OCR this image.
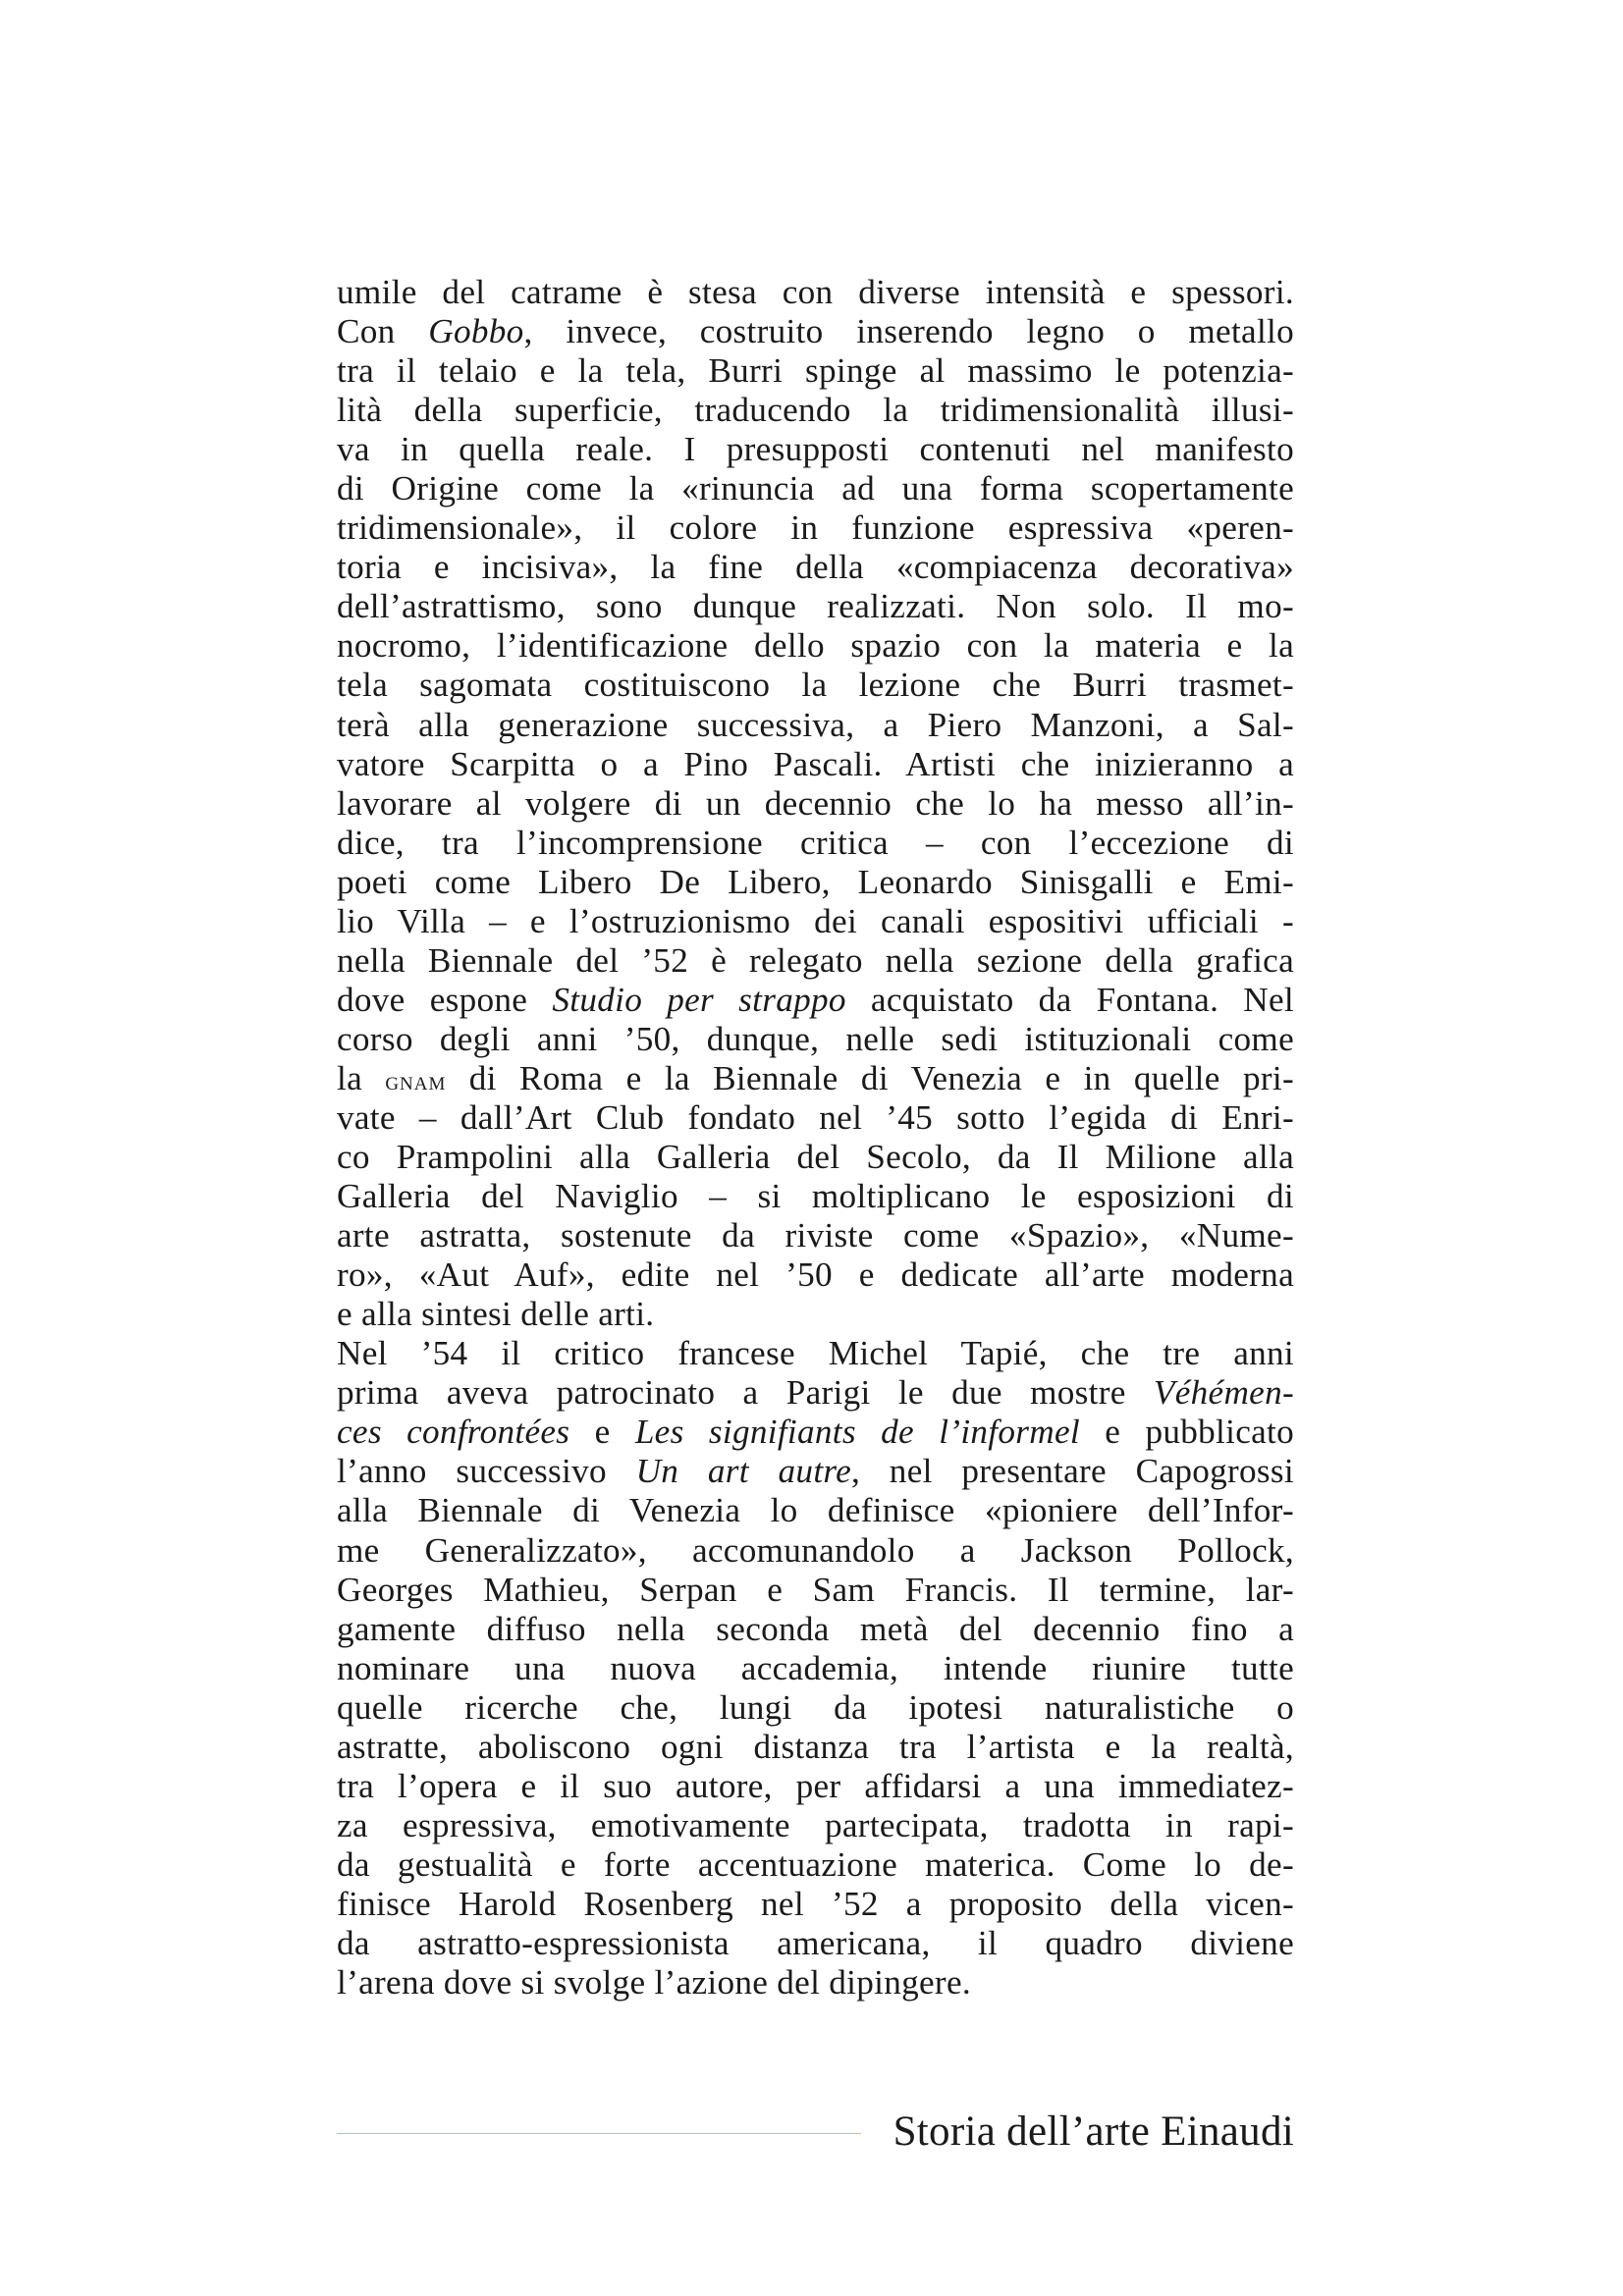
umile del catrame è stesa con diverse intensità e spessori.
Con Gobbo, invece, costruito inserendo legno o metallo
tra il telaio e la tela, Burri spinge al massimo le potenzia-
lità della superficie, traducendo la tridimensionalità illusi-
va in quella reale. I presupposti contenuti nel manifesto
di Origine come la «rinuncia ad una forma scopertamente
tridimensionale», il colore in funzione espressiva «peren-
toria e incisiva», la fine della «compiacenza decorativa»
dell’astrattismo, sono dunque realizzati. Non solo. Il mo-
nocromo, l’identificazione dello spazio con la materia e la
tela sagomata costituiscono la lezione che Burri trasmet-
terà alla generazione successiva, a Piero Manzoni, a Sal-
vatore Scarpitta o a Pino Pascali. Artisti che inizieranno a
lavorare al volgere di un decennio che lo ha messo all’in-
dice, tra l’incomprensione critica – con l’eccezione di
poeti come Libero De Libero, Leonardo Sinisgalli e Emi-
lio Villa – e l’ostruzionismo dei canali espositivi ufficiali -
nella Biennale del ’52 è relegato nella sezione della grafica
dove espone Studio per strappo acquistato da Fontana. Nel
corso degli anni ’50, dunque, nelle sedi istituzionali come
la gnam di Roma e la Biennale di Venezia e in quelle pri-
vate – dall’Art Club fondato nel ’45 sotto l’egida di Enri-
co Prampolini alla Galleria del Secolo, da Il Milione alla
Galleria del Naviglio – si moltiplicano le esposizioni di
arte astratta, sostenute da riviste come «Spazio», «Nume-
ro», «Aut Auf», edite nel ’50 e dedicate all’arte moderna
e alla sintesi delle arti.
Nel ’54 il critico francese Michel Tapié, che tre anni
prima aveva patrocinato a Parigi le due mostre Véhémen-
ces confrontées e Les signifiants de l’informel e pubblicato
l’anno successivo Un art autre, nel presentare Capogrossi
alla Biennale di Venezia lo definisce «pioniere dell’Infor-
me Generalizzato», accomunandolo a Jackson Pollock,
Georges Mathieu, Serpan e Sam Francis. Il termine, lar-
gamente diffuso nella seconda metà del decennio fino a
nominare una nuova accademia, intende riunire tutte
quelle ricerche che, lungi da ipotesi naturalistiche o
astratte, aboliscono ogni distanza tra l’artista e la realtà,
tra l’opera e il suo autore, per affidarsi a una immediatez-
za espressiva, emotivamente partecipata, tradotta in rapi-
da gestualità e forte accentuazione materica. Come lo de-
finisce Harold Rosenberg nel ’52 a proposito della vicen-
da astratto-espressionista americana, il quadro diviene
l’arena dove si svolge l’azione del dipingere.
Storia dell’arte Einaudi
